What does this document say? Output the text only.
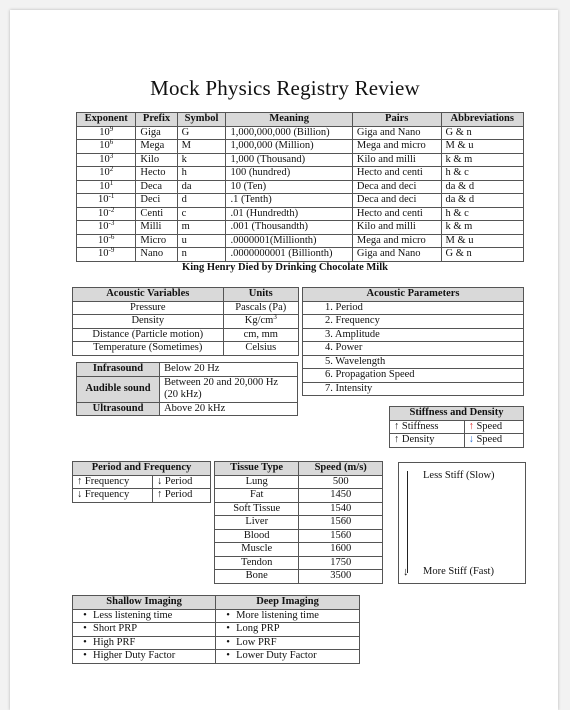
Mock Physics Registry Review
Exponent	Prefix	Symbol	Meaning	Pairs	Abbreviations
$10^9$	Giga	G	1,000,000,000 (Billion)	Giga and Nano	G & n
$10^6$	Mega	M	1,000,000 (Million)	Mega and micro	M & u
$10^3$	Kilo	k	1,000 (Thousand)	Kilo and milli	k & m
$10^2$	Hecto	h	100 (hundred)	Hecto and centi	h & c
$10^1$	Deca	da	10 (Ten)	Deca and deci	da & d
$10^{-1}$	Deci	d	.1 (Tenth)	Deca and deci	da & d
$10^{-2}$	Centi	c	.01 (Hundredth)	Hecto and centi	h & c
$10^{-3}$	Milli	m	.001 (Thousandth)	Kilo and milli	k & m
$10^{-6}$	Micro	u	.0000001(Millionth)	Mega and micro	M & u
$10^{-9}$	Nano	n	.0000000001 (Billionth)	Giga and Nano	G & n
King Henry Died by Drinking Chocolate Milk
Acoustic Variables	Units
Pressure	Pascals (Pa)
Density	$Kg/cm^3$
Distance (Particle motion)	cm, mm
Temperature (Sometimes)	Celsius
Infrasound	Below 20 Hz
Audible sound	Between 20 and 20,000 Hz
(20 kHz)

Ultrasound	Above 20 kHz
Acoustic Parameters
1. Period
2. Frequency
3. Amplitude
4. Power
5. Wavelength
6. Propagation Speed
7. Intensity
Stiffness and Density	
↑ Stiffness	↑ Speed
↑ Density	↓ Speed
Period and Frequency	
↑ Frequency	↓ Period
↓ Frequency	↑ Period
Tissue Type	Speed (m/s)
Lung	500
Fat	1450
Soft Tissue	1540
Liver	1560
Blood	1560
Muscle	1600
Tendon	1750
Bone	3500	↓
Less Stiff (Slow)
More Stiff (Fast)
Shallow Imaging	Deep Imaging
• Less listening time	• More listening time
• Short PRP	• Long PRP
• High PRF	• Low PRF
• Higher Duty Factor	• Lower Duty Factor
